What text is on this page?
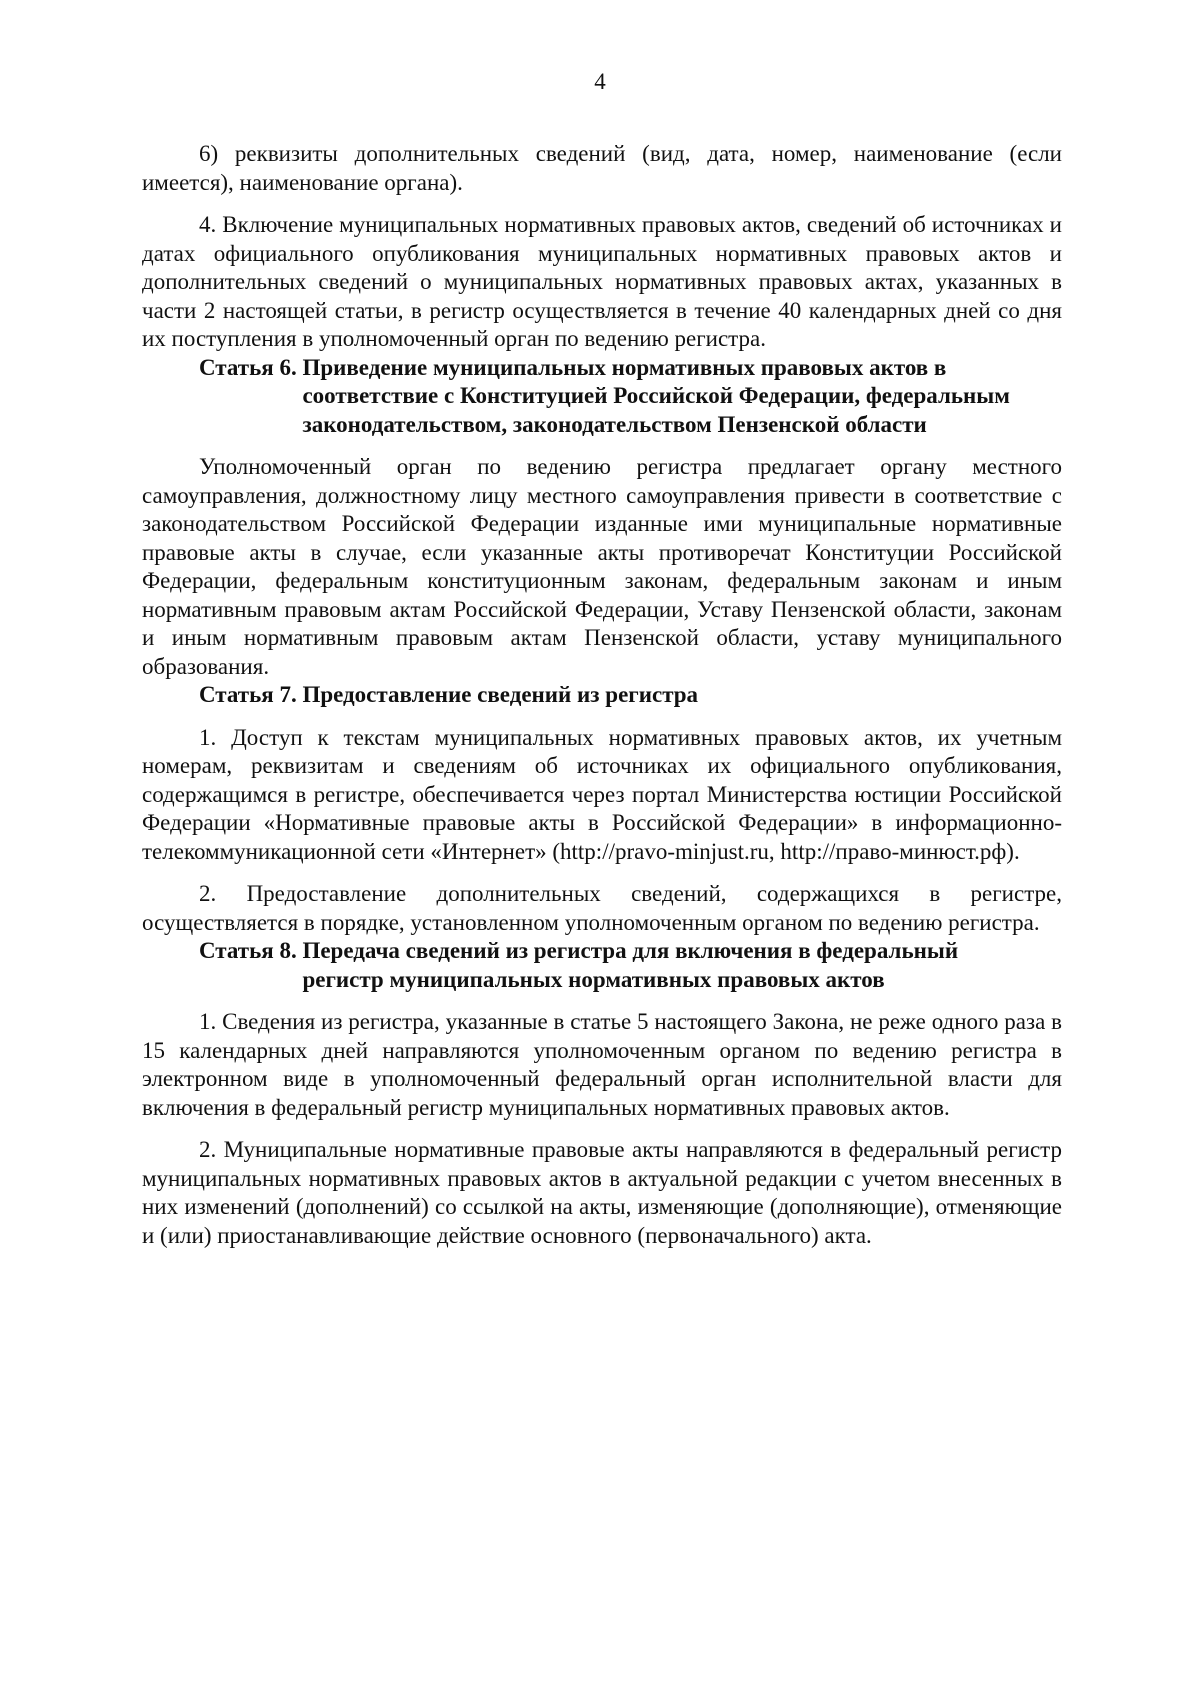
4

6) реквизиты дополнительных сведений (вид, дата, номер, наименование (если имеется), наименование органа).

4. Включение муниципальных нормативных правовых актов, сведений об источниках и датах официального опубликования муниципальных нормативных правовых актов и дополнительных сведений о муниципальных нормативных правовых актах, указанных в части 2 настоящей статьи, в регистр осуществляется в течение 40 календарных дней со дня их поступления в уполномоченный орган по ведению регистра.

Статья 6. Приведение муниципальных нормативных правовых актов в соответствие с Конституцией Российской Федерации, федеральным законодательством, законодательством Пензенской области

Уполномоченный орган по ведению регистра предлагает органу местного самоуправления, должностному лицу местного самоуправления привести в соответствие с законодательством Российской Федерации изданные ими муниципальные нормативные правовые акты в случае, если указанные акты противоречат Конституции Российской Федерации, федеральным конституционным законам, федеральным законам и иным нормативным правовым актам Российской Федерации, Уставу Пензенской области, законам и иным нормативным правовым актам Пензенской области, уставу муниципального образования.

Статья 7. Предоставление сведений из регистра

1. Доступ к текстам муниципальных нормативных правовых актов, их учетным номерам, реквизитам и сведениям об источниках их официального опубликования, содержащимся в регистре, обеспечивается через портал Министерства юстиции Российской Федерации «Нормативные правовые акты в Российской Федерации» в информационно-телекоммуникационной сети «Интернет» (http://pravo-minjust.ru, http://право-минюст.рф).

2. Предоставление дополнительных сведений, содержащихся в регистре, осуществляется в порядке, установленном уполномоченным органом по ведению регистра.

Статья 8. Передача сведений из регистра для включения в федеральный регистр муниципальных нормативных правовых актов

1. Сведения из регистра, указанные в статье 5 настоящего Закона, не реже одного раза в 15 календарных дней направляются уполномоченным органом по ведению регистра в электронном виде в уполномоченный федеральный орган исполнительной власти для включения в федеральный регистр муниципальных нормативных правовых актов.

2. Муниципальные нормативные правовые акты направляются в федеральный регистр муниципальных нормативных правовых актов в актуальной редакции с учетом внесенных в них изменений (дополнений) со ссылкой на акты, изменяющие (дополняющие), отменяющие и (или) приостанавливающие действие основного (первоначального) акта.
